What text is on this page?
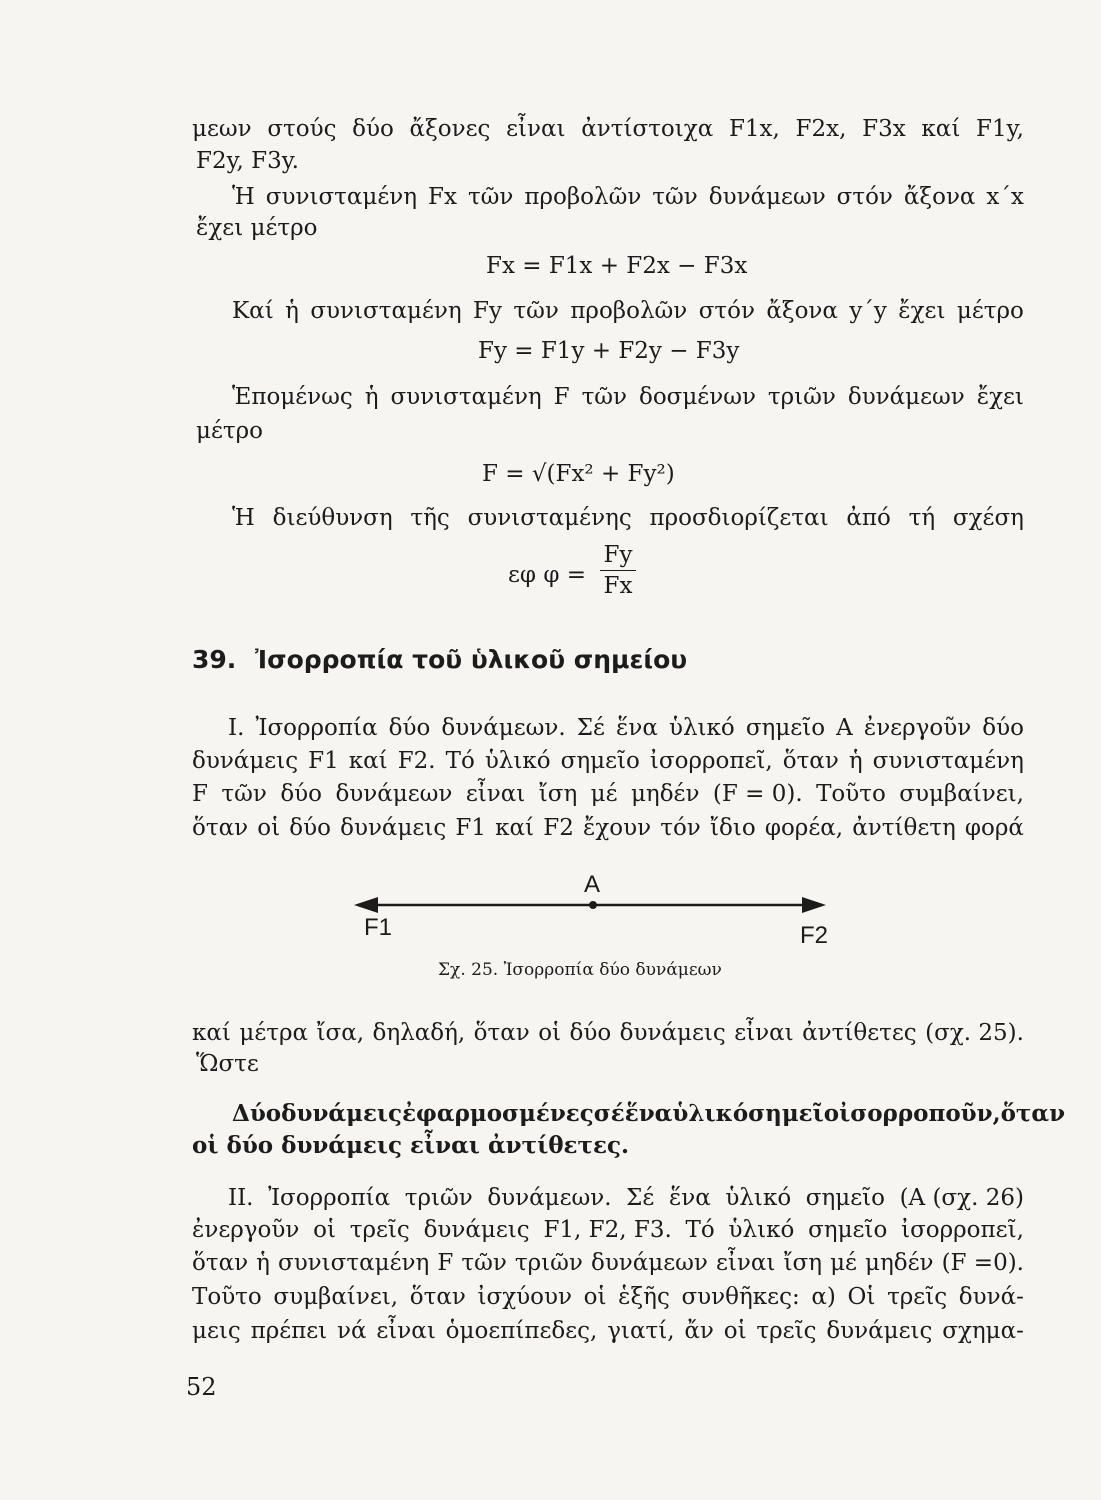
μεων στούς δύο ἄξονες εἶναι ἀντίστοιχα F1x, F2x, F3x καί F1y,
F2y, F3y.
Ἡ συνισταμένη Fx τῶν προβολῶν τῶν δυνάμεων στόν ἄξονα x΄x
ἔχει μέτρο
Fx = F1x + F2x − F3x
Καί ἡ συνισταμένη Fy τῶν προβολῶν στόν ἄξονα y΄y ἔχει μέτρο
Fy = F1y + F2y − F3y
Ἑπομένως ἡ συνισταμένη F τῶν δοσμένων τριῶν δυνάμεων ἔχει
μέτρο
F = √(Fx² + Fy²)
Ἡ διεύθυνση τῆς συνισταμένης προσδιορίζεται ἀπό τή σχέση
εφ φ =
Fy
Fx
39. Ἰσορροπία τοῦ ὑλικοῦ σημείου
Ι. Ἰσορροπία δύο δυνάμεων. Σέ ἕνα ὑλικό σημεῖο Α ἐνεργοῦν δύο
δυνάμεις F1 καί F2. Τό ὑλικό σημεῖο ἰσορροπεῖ, ὅταν ἡ συνισταμένη
F τῶν δύο δυνάμεων εἶναι ἴση μέ μηδέν (F = 0). Τοῦτο συμβαίνει,
ὅταν οἱ δύο δυνάμεις F1 καί F2 ἔχουν τόν ἴδιο φορέα, ἀντίθετη φορά
A
F1	F2
Σχ. 25. Ἰσορροπία δύο δυνάμεων
καί μέτρα ἴσα, δηλαδή, ὅταν οἱ δύο δυνάμεις εἶναι ἀντίθετες (σχ. 25).
Ὥστε
Δύο δυνάμεις ἐφαρμοσμένες σέ ἕνα ὑλικό σημεῖο ἰσορροποῦν, ὅταν
οἱ δύο δυνάμεις εἶναι ἀντίθετες.
ΙΙ. Ἰσορροπία τριῶν δυνάμεων. Σέ ἕνα ὑλικό σημεῖο (Α (σχ. 26)
ἐνεργοῦν οἱ τρεῖς δυνάμεις F1, F2, F3. Τό ὑλικό σημεῖο ἰσορροπεῖ,
ὅταν ἡ συνισταμένη F τῶν τριῶν δυνάμεων εἶναι ἴση μέ μηδέν (F =0).
Τοῦτο συμβαίνει, ὅταν ἰσχύουν οἱ ἑξῆς συνθῆκες: α) Οἱ τρεῖς δυνά-
μεις πρέπει νά εἶναι ὁμοεπίπεδες, γιατί, ἄν οἱ τρεῖς δυνάμεις σχημα-
52
